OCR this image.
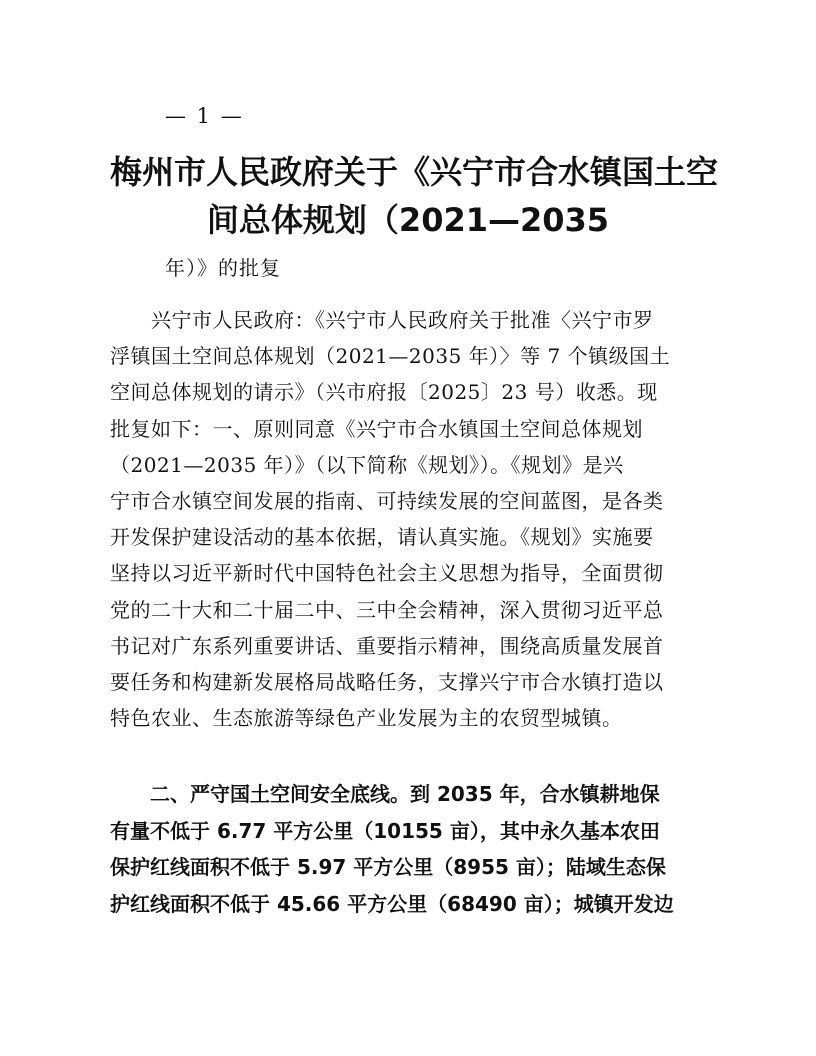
— 1 —
梅州市人民政府关于《兴宁市合水镇国土空
间总体规划（2021—2035
年）》的批复
　　兴宁市人民政府：《兴宁市人民政府关于批准〈兴宁市罗
浮镇国土空间总体规划（2021—2035 年）〉等 7 个镇级国土
空间总体规划的请示》（兴市府报〔2025〕23 号）收悉。现
批复如下：一、原则同意《兴宁市合水镇国土空间总体规划
（2021—2035 年）》（以下简称《规划》）。《规划》是兴
宁市合水镇空间发展的指南、可持续发展的空间蓝图，是各类
开发保护建设活动的基本依据，请认真实施。《规划》实施要
坚持以习近平新时代中国特色社会主义思想为指导，全面贯彻
党的二十大和二十届二中、三中全会精神，深入贯彻习近平总
书记对广东系列重要讲话、重要指示精神，围绕高质量发展首
要任务和构建新发展格局战略任务，支撑兴宁市合水镇打造以
特色农业、生态旅游等绿色产业发展为主的农贸型城镇。
　　二、严守国土空间安全底线。到 2035 年，合水镇耕地保
有量不低于 6.77 平方公里（10155 亩），其中永久基本农田
保护红线面积不低于 5.97 平方公里（8955 亩）；陆域生态保
护红线面积不低于 45.66 平方公里（68490 亩）；城镇开发边
